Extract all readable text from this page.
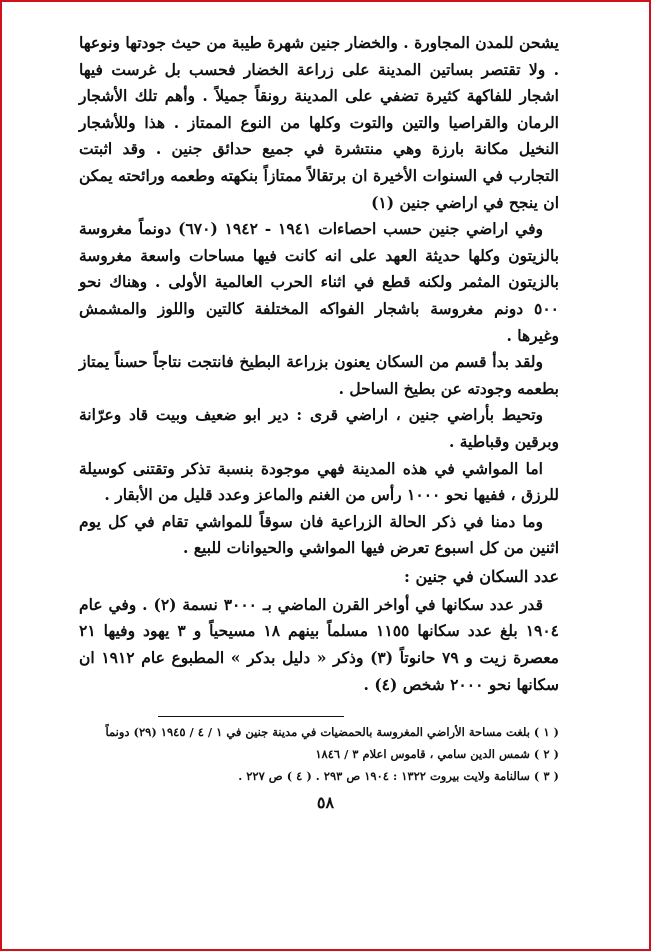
يشحن للمدن المجاورة . والخضار جنين شهرة طيبة من حيث جودتها ونوعها . ولا تقتصر بساتين المدينة على زراعة الخضار فحسب بل غرست فيها اشجار للفاكهة كثيرة تضفي على المدينة رونقاً جميلاً . وأهم تلك الأشجار الرمان والقراصيا والتين والتوت وكلها من النوع الممتاز . هذا وللأشجار النخيل مكانة بارزة وهي منتشرة في جميع حدائق جنين . وقد اثبتت التجارب في السنوات الأخيرة ان برتقالاً ممتازاً بنكهته وطعمه ورائحته يمكن ان ينجح في اراضي جنين (١)

وفي اراضي جنين حسب احصاءات ١٩٤١ - ١٩٤٢ (٦٧٠) دونماً مغروسة بالزيتون وكلها حديثة العهد على انه كانت فيها مساحات واسعة مغروسة بالزيتون المثمر ولكنه قطع في اثناء الحرب العالمية الأولى . وهناك نحو ٥٠٠ دونم مغروسة باشجار الفواكه المختلفة كالتين واللوز والمشمش وغيرها .

ولقد بدأ قسم من السكان يعنون بزراعة البطيخ فانتجت نتاجاً حسناً يمتاز بطعمه وجودته عن بطيخ الساحل .

وتحيط بأراضي جنين ، اراضي قرى : دير ابو ضعيف وبيت قاد وعرّانة وبرقين وقباطية .

اما المواشي في هذه المدينة فهي موجودة بنسبة تذكر وتقتنى كوسيلة للرزق ، ففيها نحو ١٠٠٠ رأس من الغنم والماعز وعدد قليل من الأبقار .

وما دمنا في ذكر الحالة الزراعية فان سوقاً للمواشي تقام في كل يوم اثنين من كل اسبوع تعرض فيها المواشي والحيوانات للبيع .

عدد السكان في جنين :

قدر عدد سكانها في أواخر القرن الماضي بـ ٣٠٠٠ نسمة (٢) . وفي عام ١٩٠٤ بلغ عدد سكانها ١١٥٥ مسلماً بينهم ١٨ مسيحياً و ٣ يهود وفيها ٢١ معصرة زيت و ٧٩ حانوتاً (٣) وذكر « دليل بدكر » المطبوع عام ١٩١٢ ان سكانها نحو ٢٠٠٠ شخص (٤) .

( ١ ) بلغت مساحة الأراضي المغروسة بالحمضيات في مدينة جنين في ١ / ٤ / ١٩٤٥ (٢٩) دونماً

( ٢ ) شمس الدين سامي ، قاموس اعلام ٣ / ١٨٤٦

( ٣ ) سالنامة ولايت بيروت ١٣٢٢ : ١٩٠٤ ص ٢٩٣ . ( ٤ ) ص ٢٢٧ .

٥٨
